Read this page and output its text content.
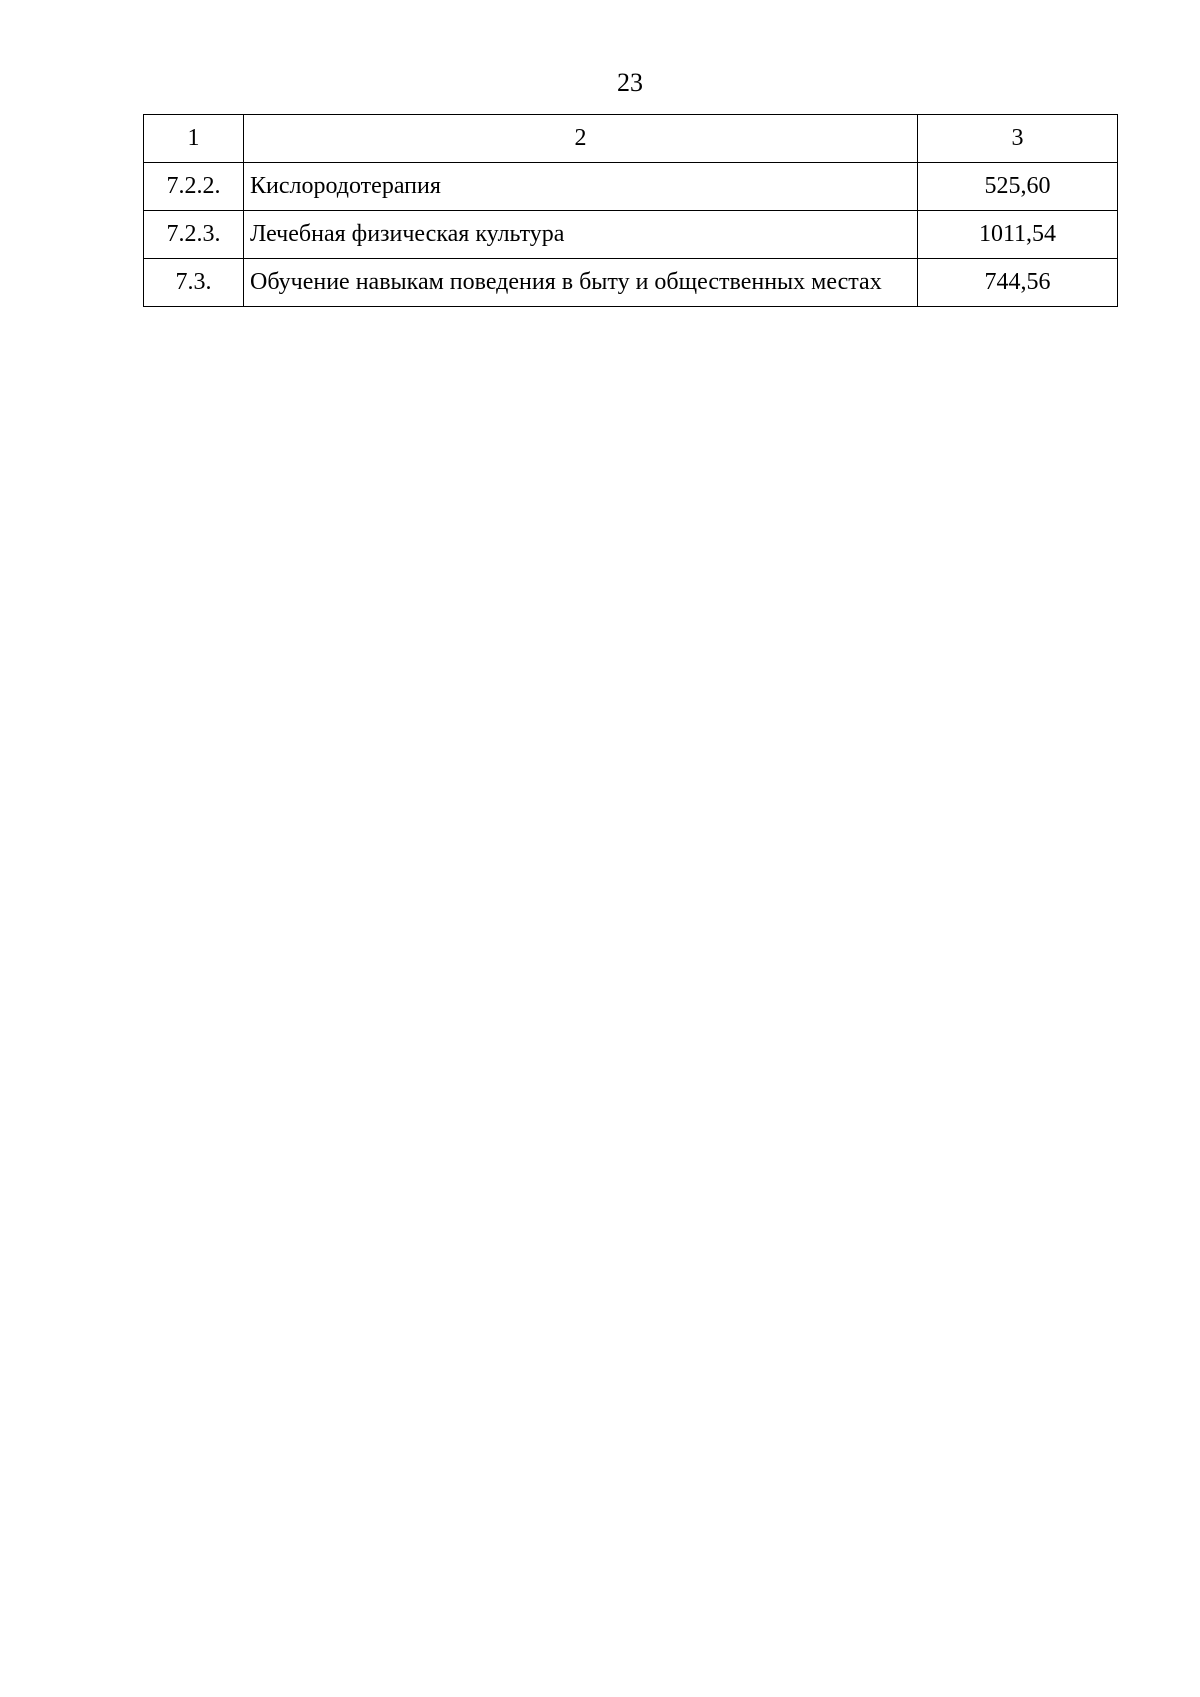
23
1	2	3
7.2.2.	Кислородотерапия	525,60
7.2.3.	Лечебная физическая культура	1011,54
7.3.	Обучение навыкам поведения в быту и общественных местах	744,56
